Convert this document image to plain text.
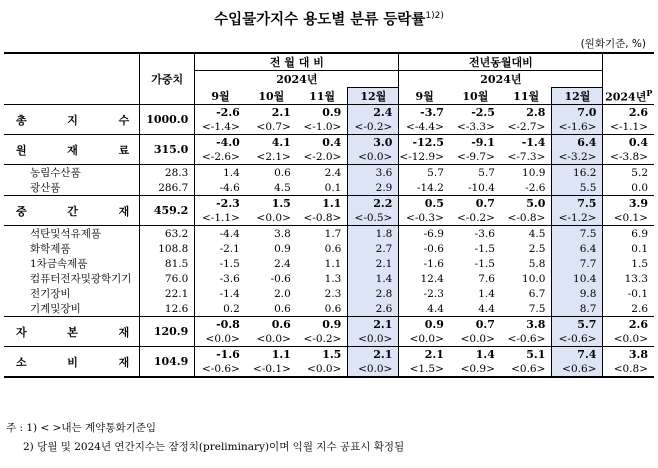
수입물가지수 용도별 분류 등락률$^{1)2)}$
(원화기준, %)
	가중치	전 월 대 비				전년동월대비				
		2024년				2024년				
		9월	10월	11월	12월	9월	10월	11월	12월	2024년$^P$
총 지 수	1000.0	-2.6	2.1	0.9	2.4	-3.7	-2.5	2.8	7.0	2.6
		<-1.4>	<0.7>	<-1.0>	<-0.2>	<-4.4>	<-3.3>	<-2.7>	<-1.6>	<-1.1>
원 재 료	315.0	-4.0	4.1	0.4	3.0	-12.5	-9.1	-1.4	6.4	0.4
		<-2.6>	<2.1>	<-2.0>	<0.0>	<-12.9>	<-9.7>	<-7.3>	<-3.2>	<-3.8>
농림수산품	28.3	1.4	0.6	2.4	3.6	5.7	5.7	10.9	16.2	5.2
광산품	286.7	-4.6	4.5	0.1	2.9	-14.2	-10.4	-2.6	5.5	0.0
중 간 재	459.2	-2.3	1.5	1.1	2.2	0.5	0.7	5.0	7.5	3.9
		<-1.1>	<0.0>	<-0.8>	<-0.5>	<-0.3>	<-0.2>	<-0.8>	<-1.2>	<0.1>
석탄및석유제품	63.2	-4.4	3.8	1.7	1.8	-6.9	-3.6	4.5	7.5	6.9
화학제품	108.8	-2.1	0.9	0.6	2.7	-0.6	-1.5	2.5	6.4	0.1
1차금속제품	81.5	-1.5	2.4	1.1	2.1	-1.6	-1.5	5.8	7.7	1.5
컴퓨터전자및광학기기	76.0	-3.6	-0.6	1.3	1.4	12.4	7.6	10.0	10.4	13.3
전기장비	22.1	-1.4	2.0	2.3	2.8	-2.3	1.4	6.7	9.8	-0.1
기계및장비	12.6	0.2	0.6	0.6	2.6	4.4	4.4	7.5	8.7	2.6
자 본 재	120.9	-0.8	0.6	0.9	2.1	0.9	0.7	3.8	5.7	2.6
		<0.0>	<0.0>	<-0.2>	<0.0>	<0.0>	<0.0>	<-0.6>	<-0.6>	<0.0>
소 비 재	104.9	-1.6	1.1	1.5	2.1	2.1	1.4	5.1	7.4	3.8
		<-0.6>	<-0.1>	<0.0>	<0.0>	<1.5>	<0.9>	<0.6>	<0.6>	<0.8>
주 : 1) < >내는 계약통화기준임
2) 당월 및 2024년 연간지수는 잠정치(preliminary)이며 익월 지수 공표시 확정됨
